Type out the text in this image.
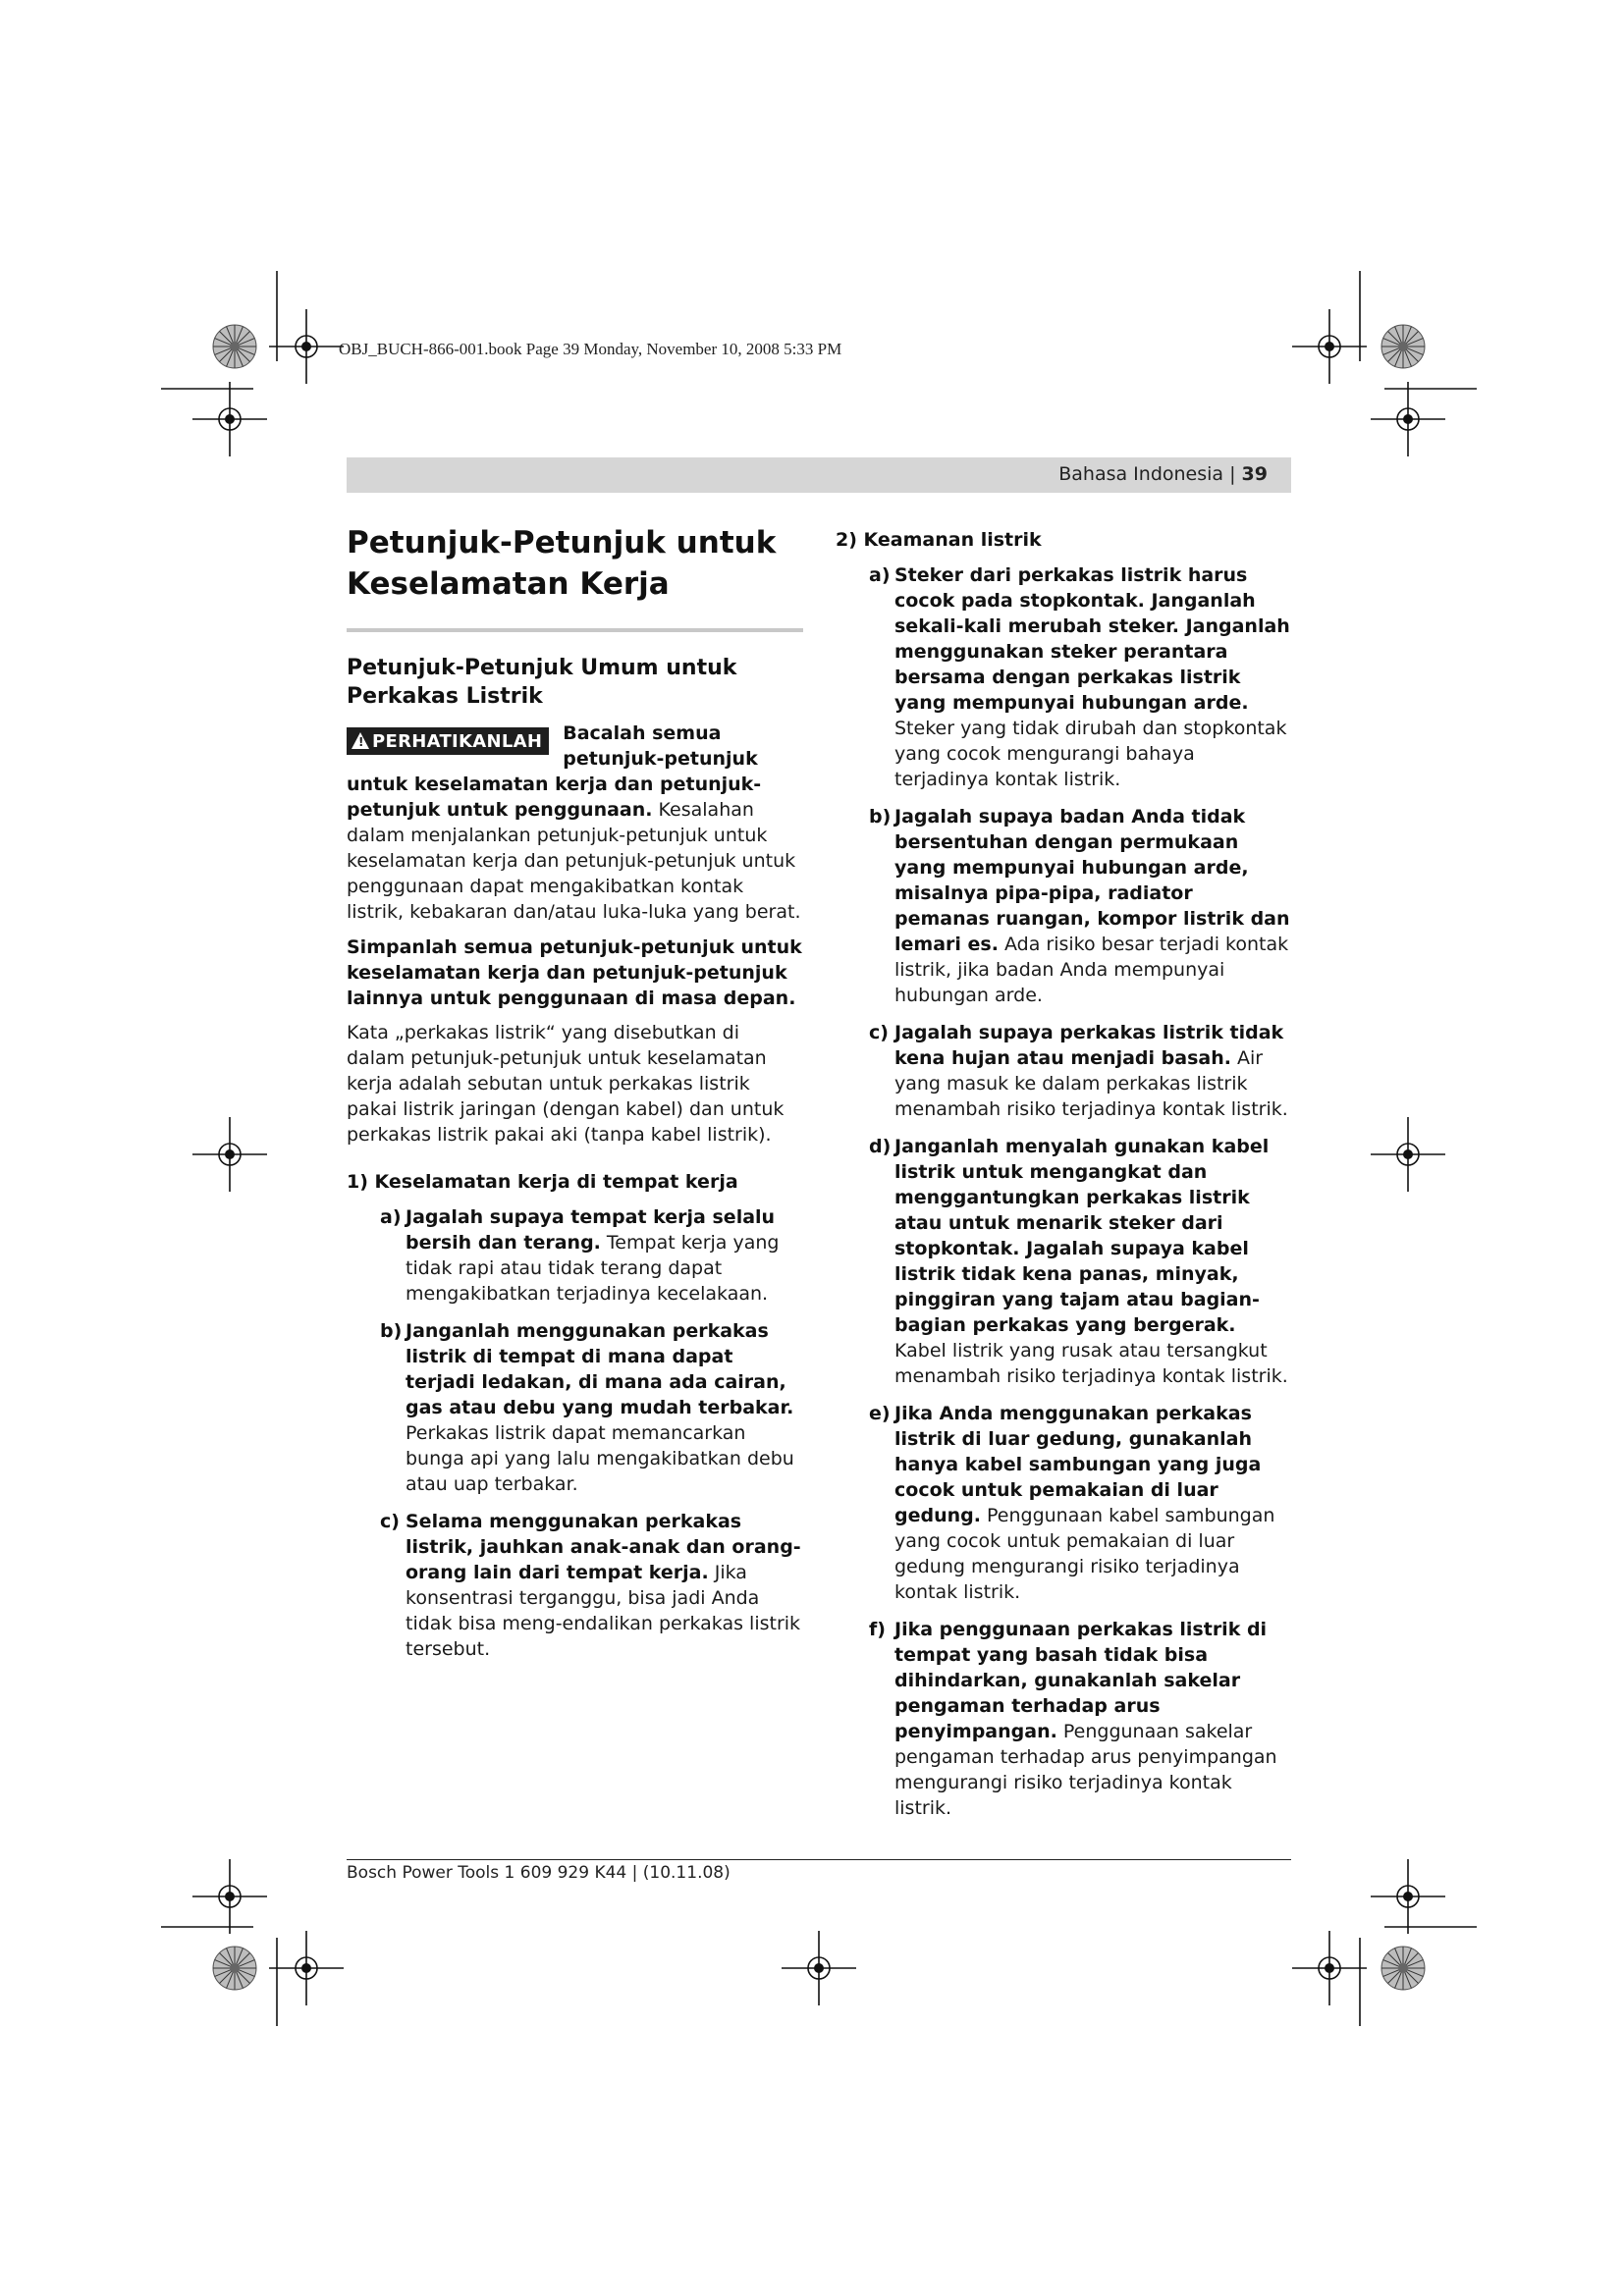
OBJ_BUCH-866-001.book Page 39 Monday, November 10, 2008 5:33 PM
Bahasa Indonesia | 39
Petunjuk-Petunjuk untuk Keselamatan Kerja
Petunjuk-Petunjuk Umum untuk Perkakas Listrik
! PERHATIKANLAH	Bacalah semua petunjuk-petunjuk untuk keselamatan kerja dan petunjuk-petunjuk untuk penggunaan. Kesalahan dalam menjalankan petunjuk-petunjuk untuk keselamatan kerja dan petunjuk-petunjuk untuk penggunaan dapat mengakibatkan kontak listrik, kebakaran dan/atau luka-luka yang berat.

Simpanlah semua petunjuk-petunjuk untuk keselamatan kerja dan petunjuk-petunjuk lainnya untuk penggunaan di masa depan.

Kata „perkakas listrik“ yang disebutkan di dalam petunjuk-petunjuk untuk keselamatan kerja adalah sebutan untuk perkakas listrik pakai listrik jaringan (dengan kabel) dan untuk perkakas listrik pakai aki (tanpa kabel listrik).

1) Keselamatan kerja di tempat kerja
a) Jagalah supaya tempat kerja selalu bersih dan terang. Tempat kerja yang tidak rapi atau tidak terang dapat mengakibatkan terjadinya kecelakaan.
b) Janganlah menggunakan perkakas listrik di tempat di mana dapat terjadi ledakan, di mana ada cairan, gas atau debu yang mudah terbakar. Perkakas listrik dapat memancarkan bunga api yang lalu mengakibatkan debu atau uap terbakar.
c) Selama menggunakan perkakas listrik, jauhkan anak-anak dan orang-orang lain dari tempat kerja. Jika konsentrasi terganggu, bisa jadi Anda tidak bisa meng-endalikan perkakas listrik tersebut.
2) Keamanan listrik
a) Steker dari perkakas listrik harus cocok pada stopkontak. Janganlah sekali-kali merubah steker. Janganlah menggunakan steker perantara bersama dengan perkakas listrik yang mempunyai hubungan arde. Steker yang tidak dirubah dan stopkontak yang cocok mengurangi bahaya terjadinya kontak listrik.
b) Jagalah supaya badan Anda tidak bersentuhan dengan permukaan yang mempunyai hubungan arde, misalnya pipa-pipa, radiator pemanas ruangan, kompor listrik dan lemari es. Ada risiko besar terjadi kontak listrik, jika badan Anda mempunyai hubungan arde.
c) Jagalah supaya perkakas listrik tidak kena hujan atau menjadi basah. Air yang masuk ke dalam perkakas listrik menambah risiko terjadinya kontak listrik.
d) Janganlah menyalah gunakan kabel listrik untuk mengangkat dan menggantungkan perkakas listrik atau untuk menarik steker dari stopkontak. Jagalah supaya kabel listrik tidak kena panas, minyak, pinggiran yang tajam atau bagian-bagian perkakas yang bergerak. Kabel listrik yang rusak atau tersangkut menambah risiko terjadinya kontak listrik.
e) Jika Anda menggunakan perkakas listrik di luar gedung, gunakanlah hanya kabel sambungan yang juga cocok untuk pemakaian di luar gedung. Penggunaan kabel sambungan yang cocok untuk pemakaian di luar gedung mengurangi risiko terjadinya kontak listrik.
f) Jika penggunaan perkakas listrik di tempat yang basah tidak bisa dihindarkan, gunakanlah sakelar pengaman terhadap arus penyimpangan. Penggunaan sakelar pengaman terhadap arus penyimpangan mengurangi risiko terjadinya kontak listrik.
Bosch Power Tools 1 609 929 K44 | (10.11.08)
